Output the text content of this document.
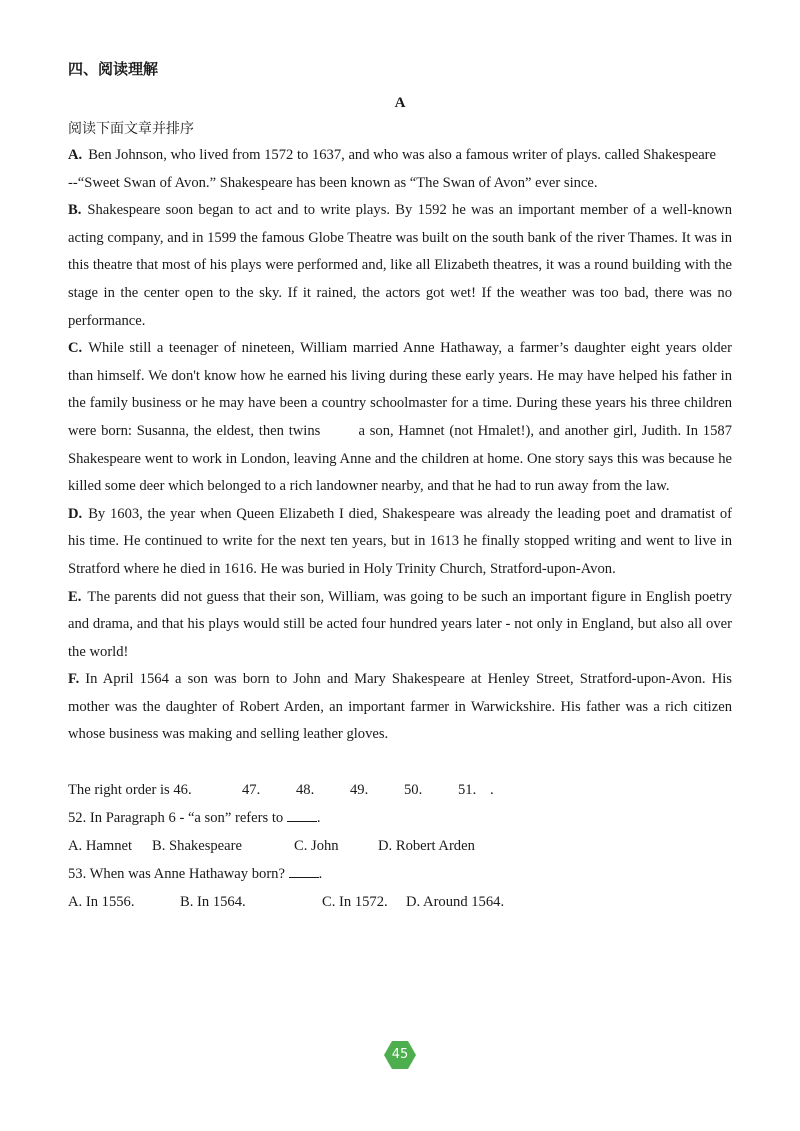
四、阅读理解
A
阅读下面文章并排序

A. Ben Johnson, who lived from 1572 to 1637, and who was also a famous writer of plays. called Shakespeare

--“Sweet Swan of Avon.” Shakespeare has been known as “The Swan of Avon” ever since.

B. Shakespeare soon began to act and to write plays. By 1592 he was an important member of a well-known acting company, and in 1599 the famous Globe Theatre was built on the south bank of the river Thames. It was in this theatre that most of his plays were performed and, like all Elizabeth theatres, it was a round building with the stage in the center open to the sky. If it rained, the actors got wet! If the weather was too bad, there was no performance.

C. While still a teenager of nineteen, William married Anne Hathaway, a farmer’s daughter eight years older than himself. We don't know how he earned his living during these early years. He may have helped his father in the family business or he may have been a country schoolmaster for a time. During these years his three children were born: Susanna, the eldest, then twins        a son, Hamnet (not Hmalet!), and another girl, Judith. In 1587 Shakespeare went to work in London, leaving Anne and the children at home. One story says this was because he killed some deer which belonged to a rich landowner nearby, and that he had to run away from the law.

D. By 1603, the year when Queen Elizabeth I died, Shakespeare was already the leading poet and dramatist of his time. He continued to write for the next ten years, but in 1613 he finally stopped writing and went to live in Stratford where he died in 1616. He was buried in Holy Trinity Church, Stratford-upon-Avon.

E. The parents did not guess that their son, William, was going to be such an important figure in English poetry and drama, and that his plays would still be acted four hundred years later - not only in England, but also all over the world!

F. In April 1564 a son was born to John and Mary Shakespeare at Henley Street, Stratford-upon-Avon. His mother was the daughter of Robert Arden, an important farmer in Warwickshire. His father was a rich citizen whose business was making and selling leather gloves.

The right order is 46.	47. 48. 49. 50. 51. .
52. In Paragraph 6 - “a son” refers to .
A. Hamnet B. Shakespeare	C. John	D. Robert Arden
53. When was Anne Hathaway born? .
A. In 1556.	B. In 1564.	C. In 1572. D. Around 1564.
45
